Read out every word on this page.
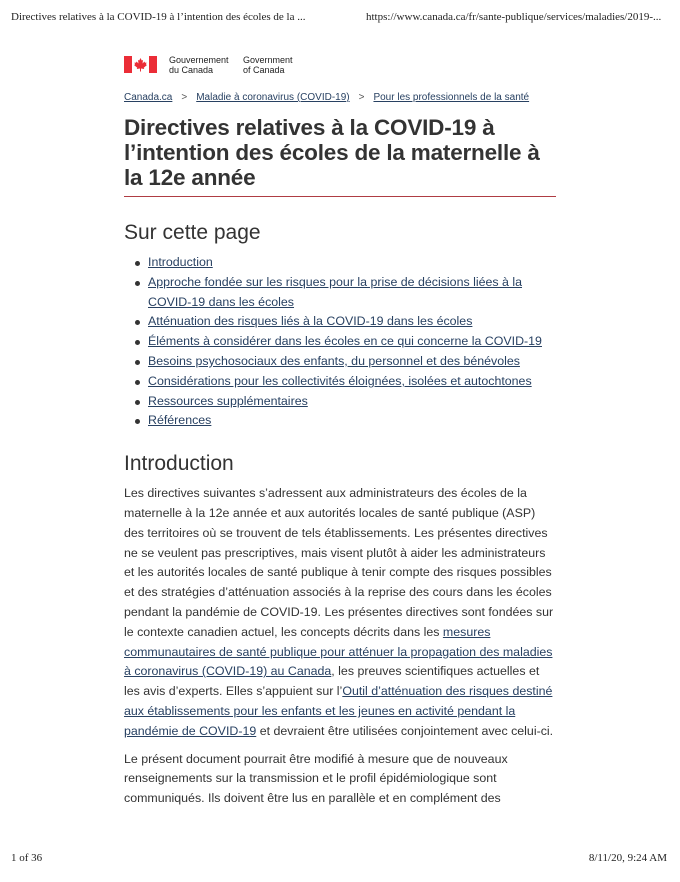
Directives relatives à la COVID-19 à l’intention des écoles de la ...	https://www.canada.ca/fr/sante-publique/services/maladies/2019-...
Gouvernement
du Canada
Government
of Canada
Canada.ca > Maladie à coronavirus (COVID-19) > Pour les professionnels de la santé
Directives relatives à la COVID-19 à l’intention des écoles de la maternelle à la 12e année
Sur cette page
Introduction
Approche fondée sur les risques pour la prise de décisions liées à la COVID-19 dans les écoles
Atténuation des risques liés à la COVID-19 dans les écoles
Éléments à considérer dans les écoles en ce qui concerne la COVID-19
Besoins psychosociaux des enfants, du personnel et des bénévoles
Considérations pour les collectivités éloignées, isolées et autochtones
Ressources supplémentaires
Références
Introduction

Les directives suivantes s’adressent aux administrateurs des écoles de la maternelle à la 12e année et aux autorités locales de santé publique (ASP) des territoires où se trouvent de tels établissements. Les présentes directives ne se veulent pas prescriptives, mais visent plutôt à aider les administrateurs et les autorités locales de santé publique à tenir compte des risques possibles et des stratégies d’atténuation associés à la reprise des cours dans les écoles pendant la pandémie de COVID-19. Les présentes directives sont fondées sur le contexte canadien actuel, les concepts décrits dans les mesures communautaires de santé publique pour atténuer la propagation des maladies à coronavirus (COVID-19) au Canada, les preuves scientifiques actuelles et les avis d’experts. Elles s’appuient sur l’Outil d’atténuation des risques destiné aux établissements pour les enfants et les jeunes en activité pendant la pandémie de COVID-19 et devraient être utilisées conjointement avec celui-ci.

Le présent document pourrait être modifié à mesure que de nouveaux renseignements sur la transmission et le profil épidémiologique sont communiqués. Ils doivent être lus en parallèle et en complément des

1 of 36	8/11/20, 9:24 AM
